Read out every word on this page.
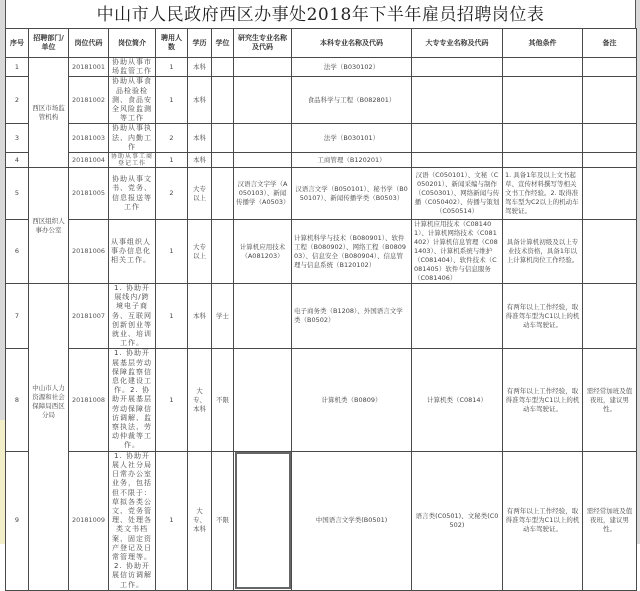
中山市人民政府西区办事处2018年下半年雇员招聘岗位表
序号	招聘部门/单位	岗位代码	岗位简介	聘用人数	学历	学位	研究生专业名称及代码	本科专业名称及代码	大专专业名称及代码	其他条件	备注
1	西区市场监管机构	20181001	协助从事市场监管工作	1	本科			法学（B030102）			
2		20181002	协助从事食品检验检测、食品安全风险监测等工作	1	本科			食品科学与工程（B082801）			
3		20181003	协助从事执法、内勤工作	2	本科			法学（B030101）			
4		20181004	协助从事工商登记工作	1	本科			工商管理（B120201）			
5	西区组织人事办公室	20181005	协助从事文书、党务、信息报送等工作	2	大专以上		汉语言文字学（A050103）、新闻传播学（A0503）	汉语言文学（B050101）、秘书学（B050107）、新闻传播学类（B0503）	汉语（C050101）、文秘（C050201）、新闻采编与制作（C050301）、网络新闻与传播（C050402）、传播与策划（C050514）	1. 具备1年及以上文书起草、宣传材料撰写等相关文书工作经验。2. 取得准驾车型为C2以上的机动车驾驶证。	
6		20181006	从事组织人事办信息化相关工作。	1	大专以上		计算机应用技术（A081203）	计算机科学与技术（B080901）、软件工程（B080902）、网络工程（B080903）、信息安全（B080904）、信息管理与信息系统（B120102）	计算机应用技术（C081401）、计算机网络技术（C081402）计算机信息管理（C081403）、计算机系统与维护（C081404）、软件技术（C081405）软件与信息服务（C081406）	具备计算机初级及以上专业技术资格，具备1年以上计算机岗位工作经验。	
7	中山市人力资源和社会保障局西区分局	20181007	1. 协助开展线内/跨境电子商务、互联网创新创业等就业、培训工作。	1	本科	学士		电子商务类（B1208）、外国语言文学类（B0502）		有两年以上工作经验，取得准驾车型为C1以上的机动车驾驶证。	
8		20181008	1. 协助开展基层劳动保障监察信息化建设工作。2. 协助开展基层劳动保障信访调解、监察执法、劳动仲裁等工作。	1	大专、本科	不限		计算机类（B0809）	计算机类（C0814）	有两年以上工作经验，取得准驾车型为C1以上的机动车驾驶证。	需经常加班及值夜班，建议男性。
9		20181009	1. 协助开展人社分局日常办公室业务，包括但不限于：草拟各类公文、党务管理、处理各类文书档案、固定资产登记及日常管理等。2. 协助开展信访调解工作。	1	大专、本科	不限		中国语言文学类(B0501)	语言类(C0501)、文秘类(C0502)	有两年以上工作经验，取得准驾车型为C1以上的机动车驾驶证。	需经常加班及值夜班，建议男性。
